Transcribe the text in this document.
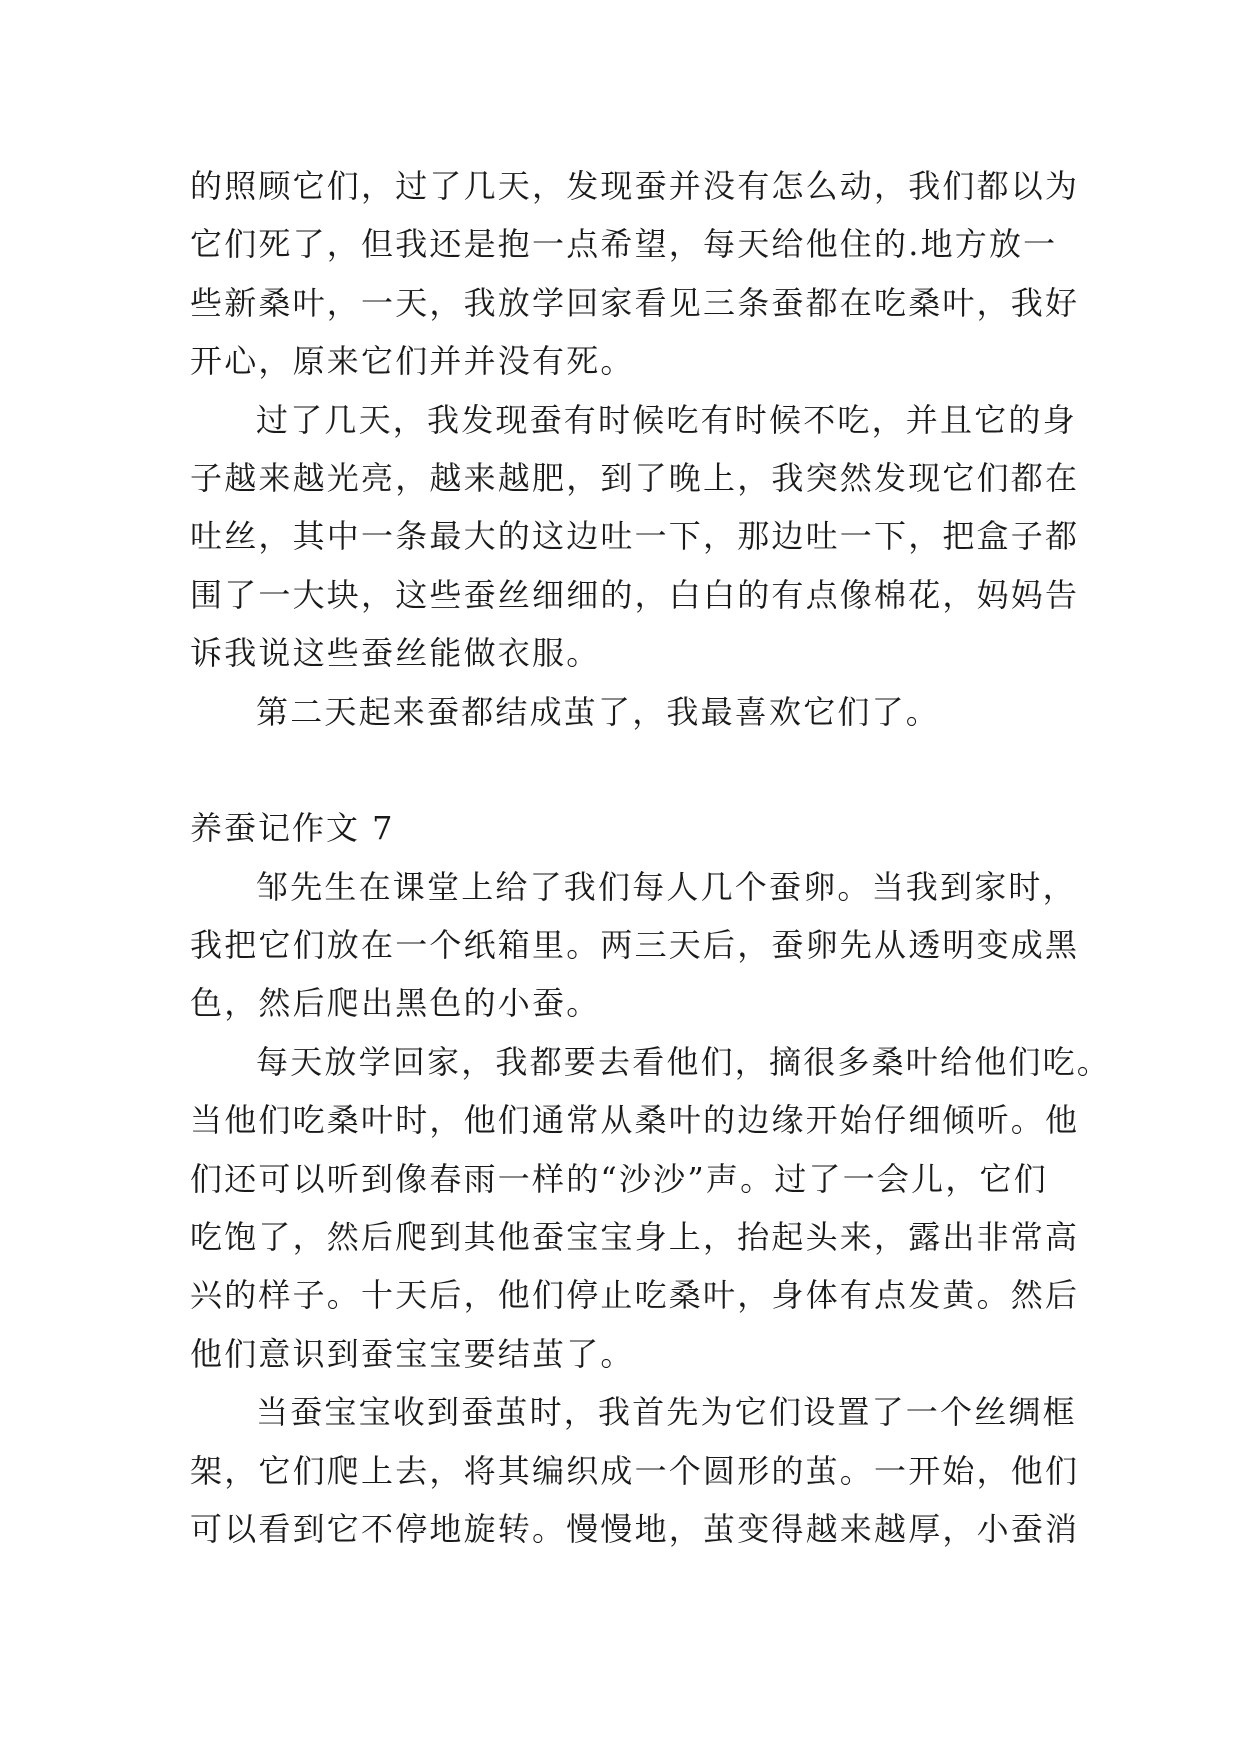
的照顾它们，过了几天，发现蚕并没有怎么动，我们都以为
它们死了，但我还是抱一点希望，每天给他住的.地方放一
些新桑叶，一天，我放学回家看见三条蚕都在吃桑叶，我好
开心，原来它们并并没有死。
过了几天，我发现蚕有时候吃有时候不吃，并且它的身
子越来越光亮，越来越肥，到了晚上，我突然发现它们都在
吐丝，其中一条最大的这边吐一下，那边吐一下，把盒子都
围了一大块，这些蚕丝细细的，白白的有点像棉花，妈妈告
诉我说这些蚕丝能做衣服。
第二天起来蚕都结成茧了，我最喜欢它们了。
养蚕记作文 7
邹先生在课堂上给了我们每人几个蚕卵。当我到家时，
我把它们放在一个纸箱里。两三天后，蚕卵先从透明变成黑
色，然后爬出黑色的小蚕。
每天放学回家，我都要去看他们，摘很多桑叶给他们吃。
当他们吃桑叶时，他们通常从桑叶的边缘开始仔细倾听。他
们还可以听到像春雨一样的“沙沙”声。过了一会儿，它们
吃饱了，然后爬到其他蚕宝宝身上，抬起头来，露出非常高
兴的样子。十天后，他们停止吃桑叶，身体有点发黄。然后
他们意识到蚕宝宝要结茧了。
当蚕宝宝收到蚕茧时，我首先为它们设置了一个丝绸框
架，它们爬上去，将其编织成一个圆形的茧。一开始，他们
可以看到它不停地旋转。慢慢地，茧变得越来越厚，小蚕消
